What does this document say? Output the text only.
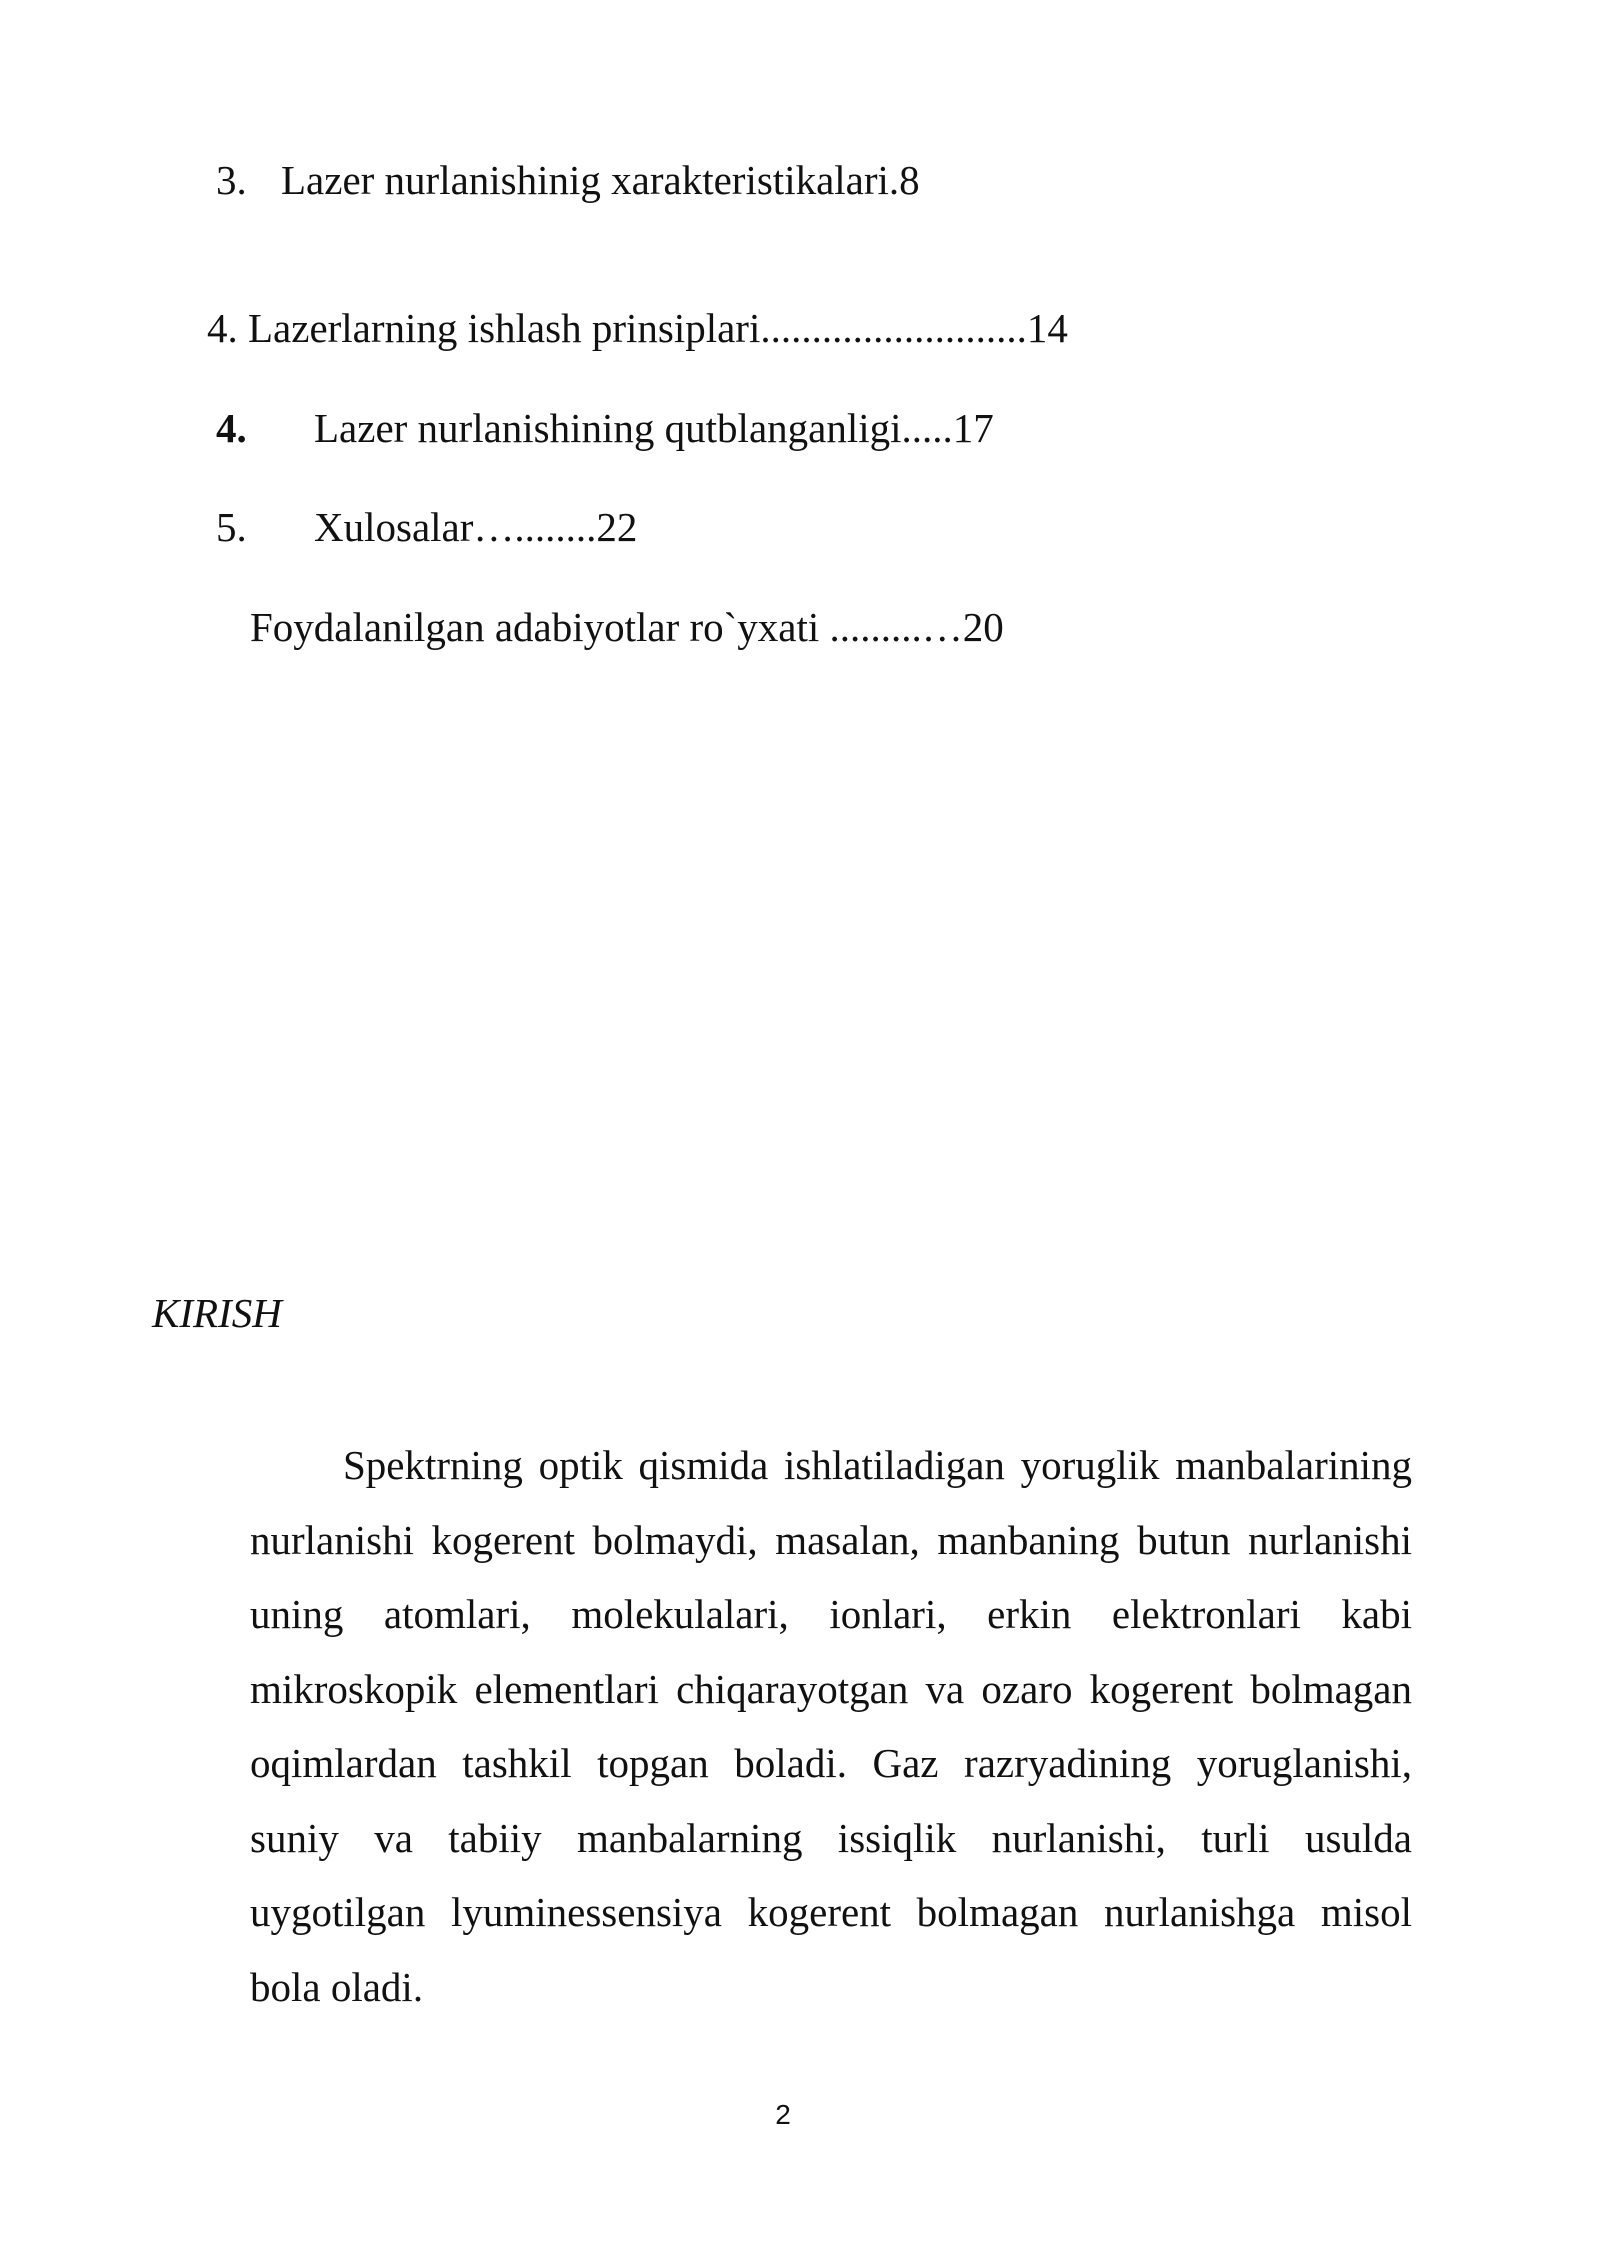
3. Lazer nurlanishinig xarakteristikalari.8
4. Lazerlarning ishlash prinsiplari..........................14
4. Lazer nurlanishining qutblanganligi.....17
5. Xulosalar…........22
Foydalanilgan adabiyotlar ro`yxati .........…20
KIRISH

Spektrning optik qismida ishlatiladigan yoruglik manbalarining nurlanishi kogerent bolmaydi, masalan, manbaning butun nurlanishi uning atomlari, molekulalari, ionlari, erkin elektronlari kabi mikroskopik elementlari chiqarayotgan va ozaro kogerent bolmagan oqimlardan tashkil topgan boladi. Gaz razryadining yoruglanishi, suniy va tabiiy manbalarning issiqlik nurlanishi, turli usulda uygotilgan lyuminessensiya kogerent bolmagan nurlanishga misol bola oladi.

2
